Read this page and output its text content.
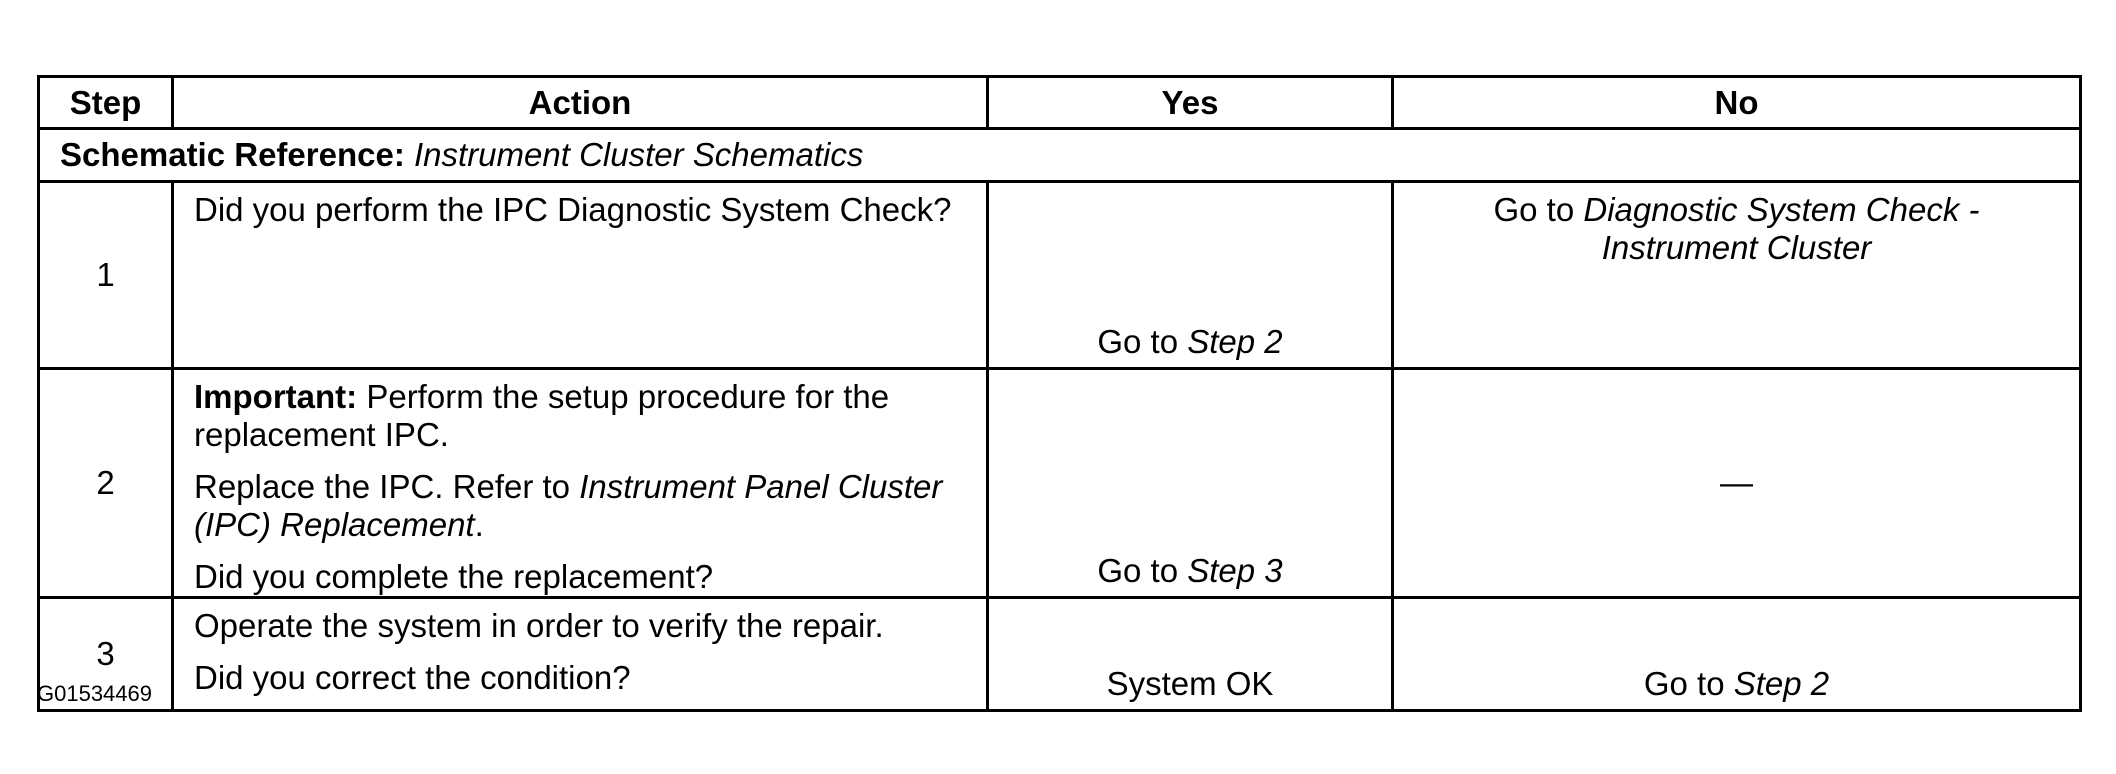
Step	Action	Yes	No
Schematic Reference: Instrument Cluster Schematics			
1	Did you perform the IPC Diagnostic System Check?	Go to Step 2	Go to Diagnostic System Check - Instrument Cluster

2	Important: Perform the setup procedure for the replacement IPC.

Replace the IPC. Refer to Instrument Panel Cluster (IPC) Replacement.

Did you complete the replacement?	Go to Step 3	—
3	Operate the system in order to verify the repair.

Did you correct the condition?	System OK	Go to Step 2
G01534469
